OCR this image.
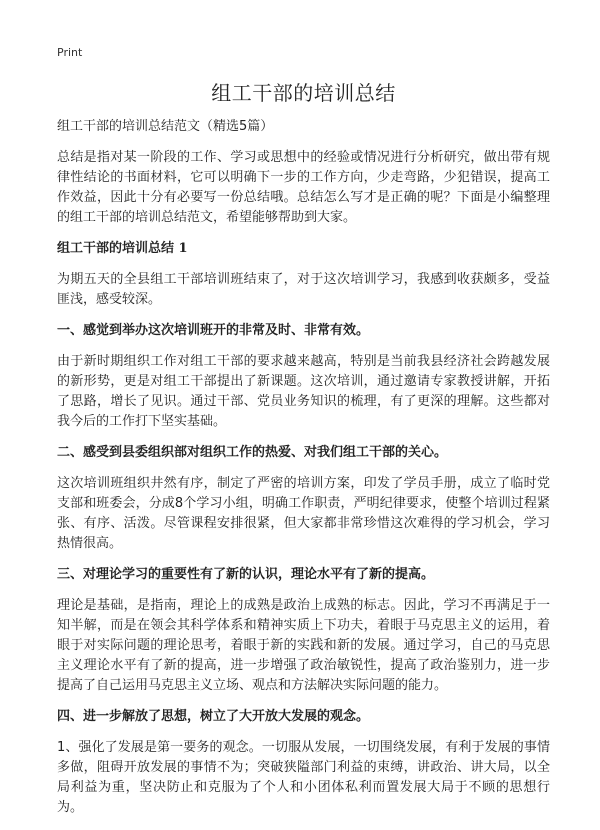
Print
组工干部的培训总结
组工干部的培训总结范文（精选5篇）

总结是指对某一阶段的工作、学习或思想中的经验或情况进行分析研究，做出带有规律性结论的书面材料，它可以明确下一步的工作方向，少走弯路，少犯错误，提高工作效益，因此十分有必要写一份总结哦。总结怎么写才是正确的呢？下面是小编整理的组工干部的培训总结范文，希望能够帮助到大家。

组工干部的培训总结 1

为期五天的全县组工干部培训班结束了，对于这次培训学习，我感到收获颇多，受益匪浅，感受较深。

一、感觉到举办这次培训班开的非常及时、非常有效。

由于新时期组织工作对组工干部的要求越来越高，特别是当前我县经济社会跨越发展的新形势，更是对组工干部提出了新课题。这次培训，通过邀请专家教授讲解，开拓了思路，增长了见识。通过干部、党员业务知识的梳理，有了更深的理解。这些都对我今后的工作打下坚实基础。

二、感受到县委组织部对组织工作的热爱、对我们组工干部的关心。

这次培训班组织井然有序，制定了严密的培训方案，印发了学员手册，成立了临时党支部和班委会，分成8个学习小组，明确工作职责，严明纪律要求，使整个培训过程紧张、有序、活泼。尽管课程安排很紧，但大家都非常珍惜这次难得的学习机会，学习热情很高。

三、对理论学习的重要性有了新的认识，理论水平有了新的提高。

理论是基础，是指南，理论上的成熟是政治上成熟的标志。因此，学习不再满足于一知半解，而是在领会其科学体系和精神实质上下功夫，着眼于马克思主义的运用，着眼于对实际问题的理论思考，着眼于新的实践和新的发展。通过学习，自己的马克思主义理论水平有了新的提高，进一步增强了政治敏锐性，提高了政治鉴别力，进一步提高了自己运用马克思主义立场、观点和方法解决实际问题的能力。

四、进一步解放了思想，树立了大开放大发展的观念。

1、强化了发展是第一要务的观念。一切服从发展，一切围绕发展，有利于发展的事情多做，阻碍开放发展的事情不为；突破狭隘部门利益的束缚，讲政治、讲大局，以全局利益为重，坚决防止和克服为了个人和小团体私利而置发展大局于不顾的思想行为。
